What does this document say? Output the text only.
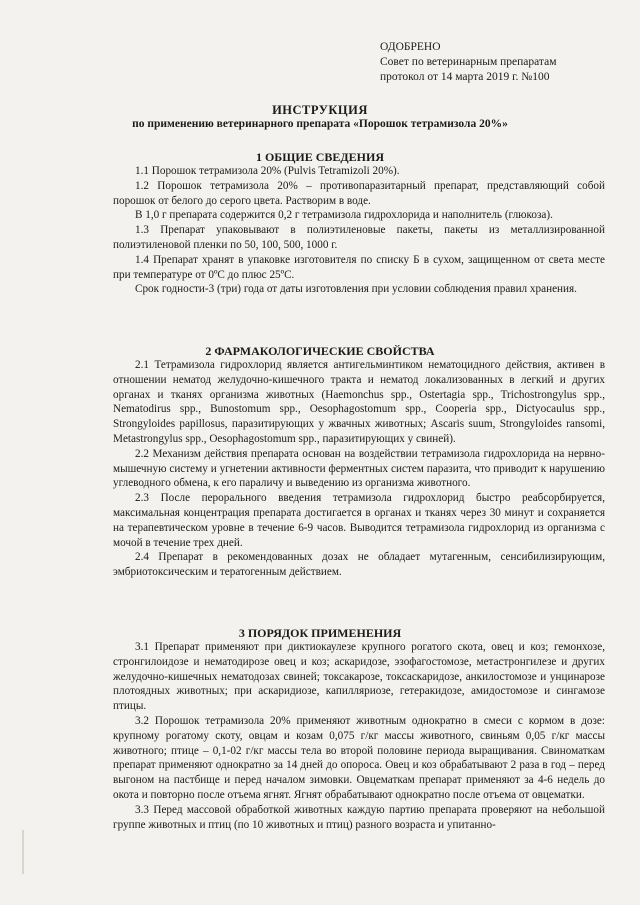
ОДОБРЕНО
Совет по ветеринарным препаратам
протокол от 14 марта 2019 г. №100

ИНСТРУКЦИЯ

по применению ветеринарного препарата «Порошок тетрамизола 20%»

1 ОБЩИЕ СВЕДЕНИЯ

1.1 Порошок тетрамизола 20% (Pulvis Tetramizoli 20%).

1.2 Порошок тетрамизола 20% – противопаразитарный препарат, представляющий собой порошок от белого до серого цвета. Растворим в воде.

В 1,0 г препарата содержится 0,2 г тетрамизола гидрохлорида и наполнитель (глюкоза).

1.3 Препарат упаковывают в полиэтиленовые пакеты, пакеты из металлизированной полиэтиленовой пленки по 50, 100, 500, 1000 г.

1.4 Препарат хранят в упаковке изготовителя по списку Б в сухом, защищенном от света месте при температуре от 0ºС до плюс 25ºС.

Срок годности-3 (три) года от даты изготовления при условии соблюдения правил хранения.

2 ФАРМАКОЛОГИЧЕСКИЕ СВОЙСТВА

2.1 Тетрамизола гидрохлорид является антигельминтиком нематоцидного действия, активен в отношении нематод желудочно-кишечного тракта и нематод локализованных в легкий и других органах и тканях организма животных (Haemonchus spp., Ostertagia spp., Trichostrongylus spp., Nematodirus spp., Bunostomum spp., Oesophagostomum spp., Cooperia spp., Dictyocaulus spp., Strongyloides papillosus, паразитирующих у жвачных животных; Ascaris suum, Strongyloides ransomi, Metastrongylus spp., Oesophagostomum spp., паразитирующих у свиней).

2.2 Механизм действия препарата основан на воздействии тетрамизола гидрохлорида на нервно-мышечную систему и угнетении активности ферментных систем паразита, что приводит к нарушению углеводного обмена, к его параличу и выведению из организма животного.

2.3 После перорального введения тетрамизола гидрохлорид быстро реабсорбируется, максимальная концентрация препарата достигается в органах и тканях через 30 минут и сохраняется на терапевтическом уровне в течение 6-9 часов. Выводится тетрамизола гидрохлорид из организма с мочой в течение трех дней.

2.4 Препарат в рекомендованных дозах не обладает мутагенным, сенсибилизирующим, эмбриотоксическим и тератогенным действием.

3 ПОРЯДОК ПРИМЕНЕНИЯ

3.1 Препарат применяют при диктиокаулезе крупного рогатого скота, овец и коз; гемонхозе, стронгилоидозе и нематодирозе овец и коз; аскаридозе, эзофагостомозе, метастронгилезе и других желудочно-кишечных нематодозах свиней; токсакарозе, токсаскаридозе, анкилостомозе и унцинарозе плотоядных животных; при аскаридиозе, капилляриозе, гетеракидозе, амидостомозе и сингамозе птицы.

3.2 Порошок тетрамизола 20% применяют животным однократно в смеси с кормом в дозе: крупному рогатому скоту, овцам и козам 0,075 г/кг массы животного, свиньям 0,05 г/кг массы животного; птице – 0,1-02 г/кг массы тела во второй половине периода выращивания. Свиноматкам препарат применяют однократно за 14 дней до опороса. Овец и коз обрабатывают 2 раза в год – перед выгоном на пастбище и перед началом зимовки. Овцематкам препарат применяют за 4-6 недель до окота и повторно после отъема ягнят. Ягнят обрабатывают однократно после отъема от овцематки.

3.3 Перед массовой обработкой животных каждую партию препарата проверяют на небольшой группе животных и птиц (по 10 животных и птиц) разного возраста и упитанно-
